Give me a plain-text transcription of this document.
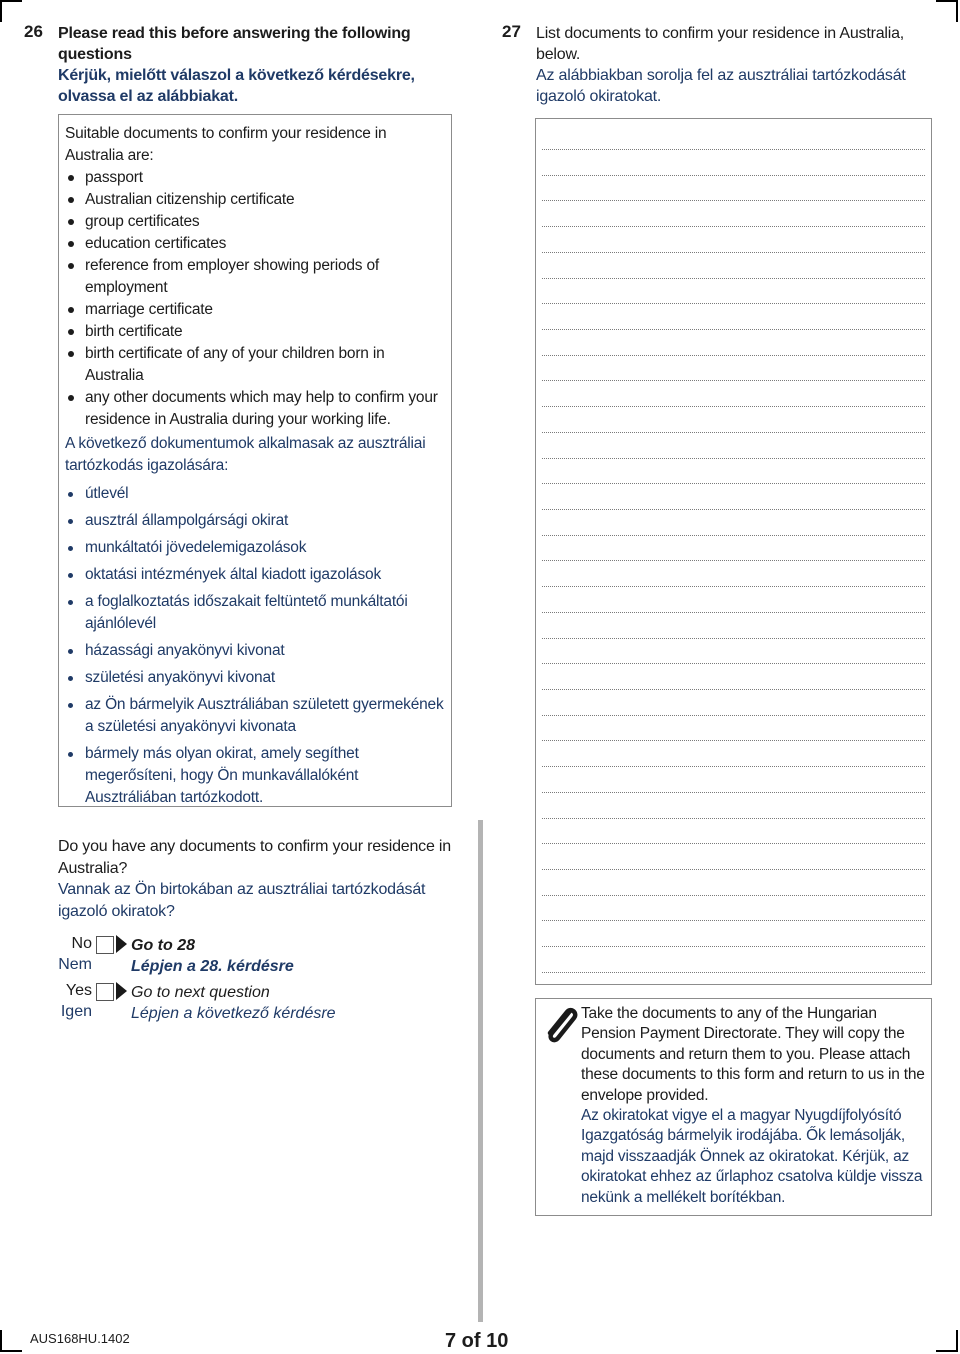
26 Please read this before answering the following questions
Kérjük, mielőtt válaszol a következő kérdésekre, olvassa el az alábbiakat.

Suitable documents to confirm your residence in Australia are:

passport
Australian citizenship certificate
group certificates
education certificates
reference from employer showing periods of employment
marriage certificate
birth certificate
birth certificate of any of your children born in Australia
any other documents which may help to confirm your residence in Australia during your working life.

A következő dokumentumok alkalmasak az ausztráliai tartózkodás igazolására:

útlevél
ausztrál állampolgársági okirat
munkáltatói jövedelemigazolások
oktatási intézmények által kiadott igazolások
a foglalkoztatás időszakait feltüntető munkáltatói ajánlólevél
házassági anyakönyvi kivonat
születési anyakönyvi kivonat
az Ön bármelyik Ausztráliában született gyermekének a születési anyakönyvi kivonata
bármely más olyan okirat, amely segíthet megerősíteni, hogy Ön munkavállalóként Ausztráliában tartózkodott.
Do you have any documents to confirm your residence in Australia?
Vannak az Ön birtokában az ausztráliai tartózkodását igazoló okiratok?
No
Nem
Go to 28
Lépjen a 28. kérdésre
Yes
Igen
Go to next question
Lépjen a következő kérdésre
27 List documents to confirm your residence in Australia, below.
Az alábbiakban sorolja fel az ausztráliai tartózkodását igazoló okiratokat.
Take the documents to any of the Hungarian Pension Payment Directorate. They will copy the documents and return them to you. Please attach these documents to this form and return to us in the envelope provided.
Az okiratokat vigye el a magyar Nyugdíjfolyósító Igazgatóság bármelyik irodájába. Ők lemásolják, majd visszaadják Önnek az okiratokat. Kérjük, az okiratokat ehhez az űrlaphoz csatolva küldje vissza nekünk a mellékelt borítékban.
AUS168HU.1402	7 of 10
